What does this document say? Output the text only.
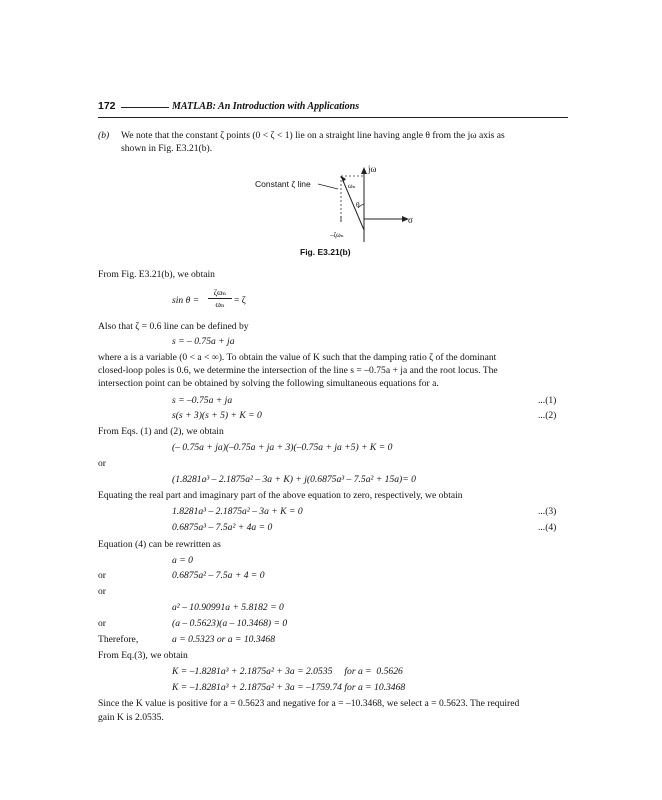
172	MATLAB: An Introduction with Applications
(b) We note that the constant ζ points (0 < ζ < 1) lie on a straight line having angle θ from the jω axis as
shown in Fig. E3.21(b).
Constant ζ line
jω
σ
ωₙ
θ
–ζωₙ
Fig. E3.21(b)
From Fig. E3.21(b), we obtain
sin θ =
ζωₙ
ωₙ = ζ
Also that ζ = 0.6 line can be defined by
s = – 0.75a + ja
where a is a variable (0 < a < ∞). To obtain the value of K such that the damping ratio ζ of the dominant
closed-loop poles is 0.6, we determine the intersection of the line s = –0.75a + ja and the root locus. The
intersection point can be obtained by solving the following simultaneous equations for a.
s = –0.75a + ja	...(1)
s(s + 3)(s + 5) + K = 0	...(2)
From Eqs. (1) and (2), we obtain
(– 0.75a + ja)(–0.75a + ja + 3)(–0.75a + ja +5) + K = 0
or
(1.8281a³ – 2.1875a² – 3a + K) + j(0.6875a³ – 7.5a² + 15a)= 0
Equating the real part and imaginary part of the above equation to zero, respectively, we obtain
1.8281a³ – 2.1875a² – 3a + K = 0	...(3)
0.6875a³ – 7.5a² + 4a = 0	...(4)
Equation (4) can be rewritten as
a = 0
or	0.6875a² – 7.5a + 4 = 0
or
a² – 10.90991a + 5.8182 = 0
or	(a – 0.5623)(a – 10.3468) = 0
Therefore,	a = 0.5323 or a = 10.3468
From Eq.(3), we obtain
K = –1.8281a³ + 2.1875a² + 3a = 2.0535     for a =  0.5626
K = –1.8281a³ + 2.1875a² + 3a = –1759.74 for a = 10.3468
Since the K value is positive for a = 0.5623 and negative for a = –10.3468, we select a = 0.5623. The required
gain K is 2.0535.
